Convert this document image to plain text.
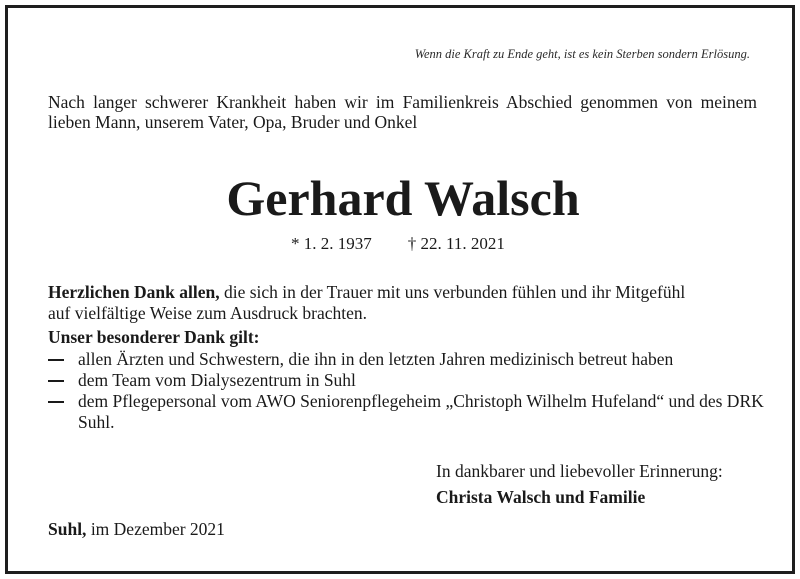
Wenn die Kraft zu Ende geht, ist es kein Sterben sondern Erlösung.
Nach langer schwerer Krankheit haben wir im Familienkreis Abschied genommen von meinem lieben Mann, unserem Vater, Opa, Bruder und Onkel
Gerhard Walsch
* 1. 2. 1937 † 22. 11. 2021
Herzlichen Dank allen, die sich in der Trauer mit uns verbunden fühlen und ihr Mitgefühl auf vielfältige Weise zum Ausdruck brachten.
Unser besonderer Dank gilt:
allen Ärzten und Schwestern, die ihn in den letzten Jahren medizinisch betreut haben
dem Team vom Dialysezentrum in Suhl
dem Pflegepersonal vom AWO Seniorenpflegeheim „Christoph Wilhelm Hufeland“ und des DRK Suhl.
In dankbarer und liebevoller Erinnerung:
Christa Walsch und Familie
Suhl, im Dezember 2021
